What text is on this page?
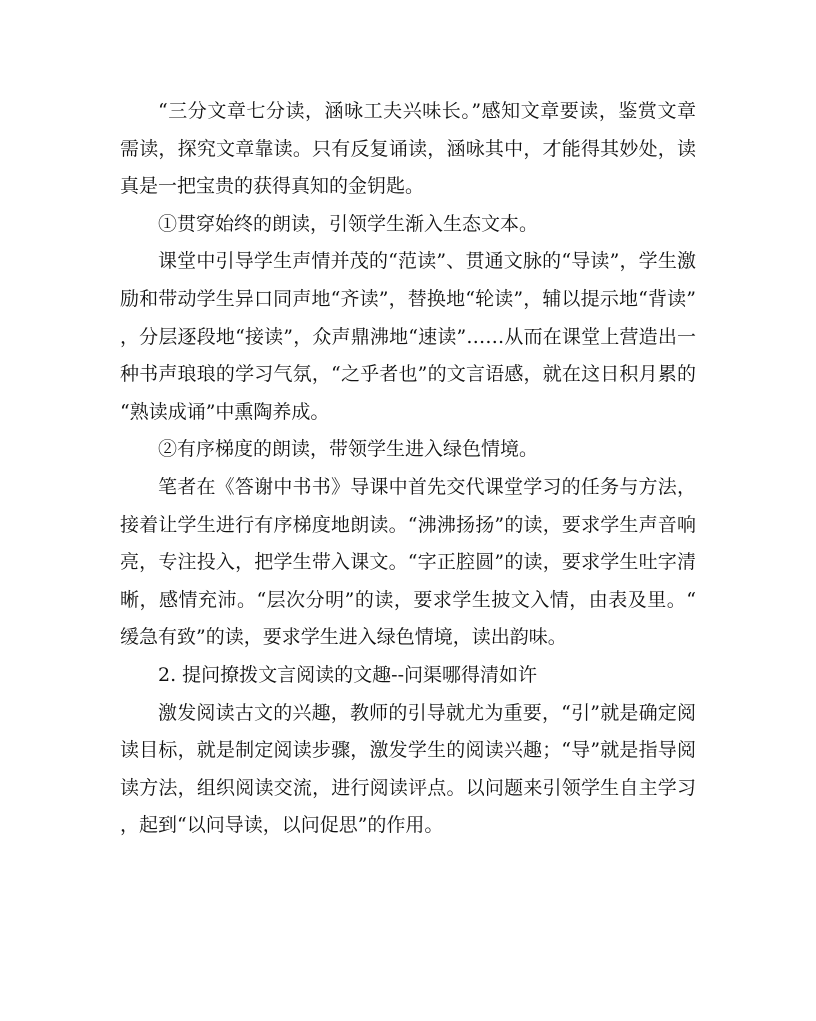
“三分文章七分读，涵咏工夫兴味长。”感知文章要读，鉴赏文章需读，探究文章靠读。只有反复诵读，涵咏其中，才能得其妙处，读真是一把宝贵的获得真知的金钥匙。

①贯穿始终的朗读，引领学生渐入生态文本。

课堂中引导学生声情并茂的“范读”、贯通文脉的“导读”，学生激励和带动学生异口同声地“齐读”，替换地“轮读”，辅以提示地“背读”，分层逐段地“接读”，众声鼎沸地“速读”……从而在课堂上营造出一种书声琅琅的学习气氛，“之乎者也”的文言语感，就在这日积月累的“熟读成诵”中熏陶养成。

②有序梯度的朗读，带领学生进入绿色情境。

笔者在《答谢中书书》导课中首先交代课堂学习的任务与方法，接着让学生进行有序梯度地朗读。“沸沸扬扬”的读，要求学生声音响亮，专注投入，把学生带入课文。“字正腔圆”的读，要求学生吐字清晰，感情充沛。“层次分明”的读，要求学生披文入情，由表及里。“缓急有致”的读，要求学生进入绿色情境，读出韵味。

2. 提问撩拨文言阅读的文趣--问渠哪得清如许

激发阅读古文的兴趣，教师的引导就尤为重要，“引”就是确定阅读目标，就是制定阅读步骤，激发学生的阅读兴趣；“导”就是指导阅读方法，组织阅读交流，进行阅读评点。以问题来引领学生自主学习，起到“以问导读，以问促思”的作用。
